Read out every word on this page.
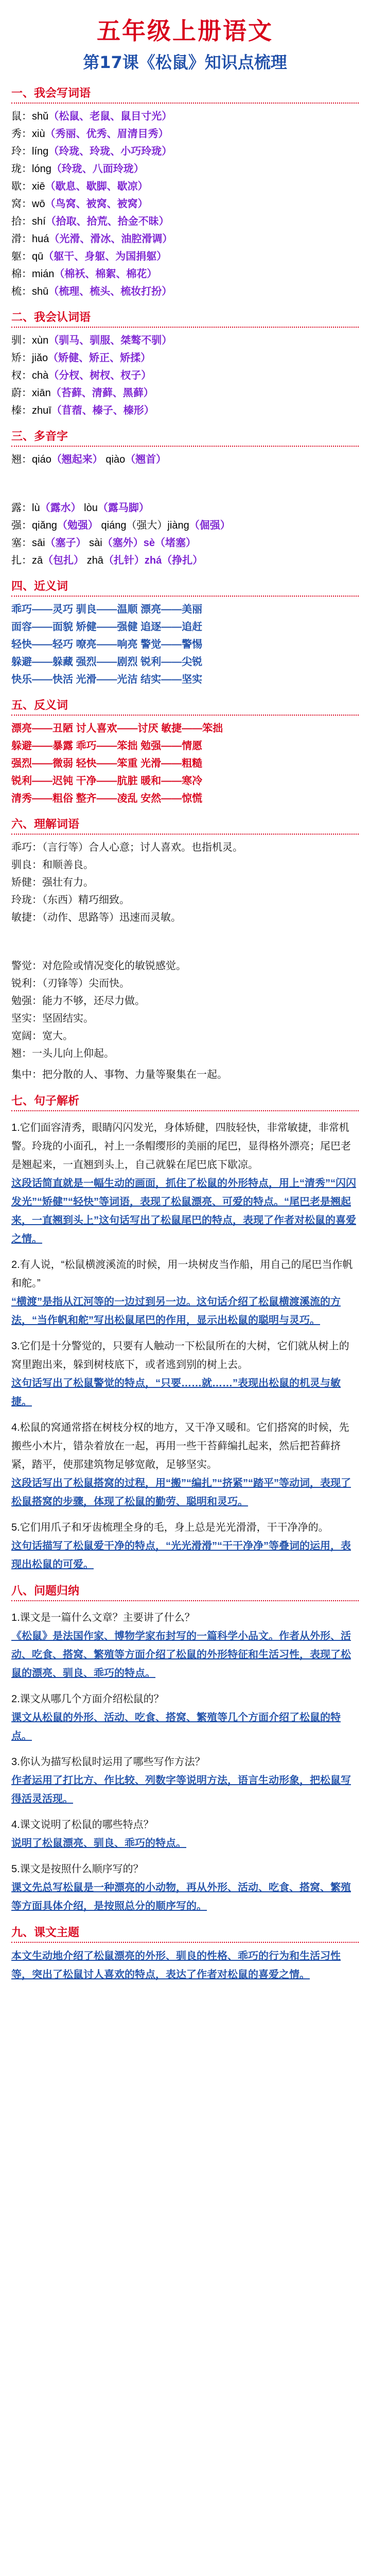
五年级上册语文
第17课《松鼠》知识点梳理
一、我会写词语
鼠：shǔ（松鼠、老鼠、鼠目寸光）
秀：xiù（秀丽、优秀、眉清目秀）
玲：líng（玲珑、玲珑、小巧玲珑）
珑：lóng（玲珑、八面玲珑）
歇：xiē（歇息、歇脚、歇凉）
窝：wō（鸟窝、被窝、被窝）
拾：shí（拾取、拾荒、拾金不昧）
滑：huá（光滑、滑冰、油腔滑调）
躯：qū（躯干、身躯、为国捐躯）
棉：mián（棉袄、棉絮、棉花）
梳：shū（梳理、梳头、梳妆打扮）
二、我会认词语
驯：xùn（驯马、驯服、桀骜不驯）
矫：jiǎo（矫健、矫正、矫揉）
杈：chà（分杈、树杈、杈子）
蔚：xiān（苔藓、清藓、黑藓）
榛：zhuī（苜蓿、榛子、榛形）
三、多音字
翘：qiáo（翘起来） qiào（翘首）
露：lù（露水） lòu（露马脚）
强：qiǎng（勉强） qiáng（强大）jiàng（倔强）
塞：sāi（塞子） sài（塞外）sè（堵塞）
扎：zā（包扎） zhā（扎针）zhá（挣扎）
四、近义词
乖巧——灵巧 驯良——温顺 漂亮——美丽
面容——面貌 矫健——强健 追逐——追赶
轻快——轻巧 嘹亮——响亮 警觉——警惕
躲避——躲藏 强烈——剧烈 锐利——尖锐
快乐——快活 光滑——光洁 结实——坚实
五、反义词
漂亮——丑陋 讨人喜欢——讨厌 敏捷——笨拙
躲避——暴露 乖巧——笨拙 勉强——情愿
强烈——微弱 轻快——笨重 光滑——粗糙
锐利——迟钝 干净——肮脏 暖和——寒冷
清秀——粗俗 整齐——凌乱 安然——惊慌
六、理解词语
乖巧：（言行等）合人心意；讨人喜欢。也指机灵。
驯良：和顺善良。
矫健：强壮有力。
玲珑：（东西）精巧细致。
敏捷：（动作、思路等）迅速而灵敏。
警觉：对危险或情况变化的敏锐感觉。
锐利：（刃锋等）尖而快。
勉强：能力不够，还尽力做。
坚实：坚固结实。
宽阔：宽大。
翘：一头儿向上仰起。
集中：把分散的人、事物、力量等聚集在一起。
七、句子解析
1.它们面容清秀，眼睛闪闪发光，身体矫健，四肢轻快，非常敏捷，非常机警。玲珑的小面孔，衬上一条帽缨形的美丽的尾巴，显得格外漂亮；尾巴老是翘起来，一直翘到头上，自己就躲在尾巴底下歇凉。
这段话简直就是一幅生动的画面，抓住了松鼠的外形特点，用上“清秀”“闪闪发光”“矫健”“轻快”等词语，表现了松鼠漂亮、可爱的特点。“尾巴老是翘起来，一直翘到头上”这句话写出了松鼠尾巴的特点，表现了作者对松鼠的喜爱之情。
2.有人说，“松鼠横渡溪流的时候，用一块树皮当作船，用自己的尾巴当作帆和舵。”
“横渡”是指从江河等的一边过到另一边。这句话介绍了松鼠横渡溪流的方法，“当作帆和舵”写出松鼠尾巴的作用，显示出松鼠的聪明与灵巧。
3.它们是十分警觉的，只要有人触动一下松鼠所在的大树，它们就从树上的窝里跑出来，躲到树枝底下，或者逃到别的树上去。
这句话写出了松鼠警觉的特点，“只要……就……”表现出松鼠的机灵与敏捷。
4.松鼠的窝通常搭在树枝分权的地方，又干净又暖和。它们搭窝的时候，先搬些小木片，错杂着放在一起，再用一些干苔藓编扎起来，然后把苔藓挤紧，踏平，使那建筑物足够宽敞，足够坚实。
这段话写出了松鼠搭窝的过程，用“搬”“编扎”“挤紧”“踏平”等动词，表现了松鼠搭窝的步骤，体现了松鼠的勤劳、聪明和灵巧。
5.它们用爪子和牙齿梳理全身的毛，身上总是光光滑滑，干干净净的。
这句话描写了松鼠爱干净的特点，“光光滑滑”“干干净净”等叠词的运用，表现出松鼠的可爱。
八、问题归纳
1.课文是一篇什么文章？主要讲了什么？
《松鼠》是法国作家、博物学家布封写的一篇科学小品文。作者从外形、活动、吃食、搭窝、繁殖等方面介绍了松鼠的外形特征和生活习性，表现了松鼠的漂亮、驯良、乖巧的特点。
2.课文从哪几个方面介绍松鼠的？
课文从松鼠的外形、活动、吃食、搭窝、繁殖等几个方面介绍了松鼠的特点。
3.你认为描写松鼠时运用了哪些写作方法？
作者运用了打比方、作比较、列数字等说明方法，语言生动形象，把松鼠写得活灵活现。
4.课文说明了松鼠的哪些特点？
说明了松鼠漂亮、驯良、乖巧的特点。
5.课文是按照什么顺序写的？
课文先总写松鼠是一种漂亮的小动物，再从外形、活动、吃食、搭窝、繁殖等方面具体介绍，是按照总分的顺序写的。
九、课文主题
本文生动地介绍了松鼠漂亮的外形、驯良的性格、乖巧的行为和生活习性等，突出了松鼠讨人喜欢的特点，表达了作者对松鼠的喜爱之情。
